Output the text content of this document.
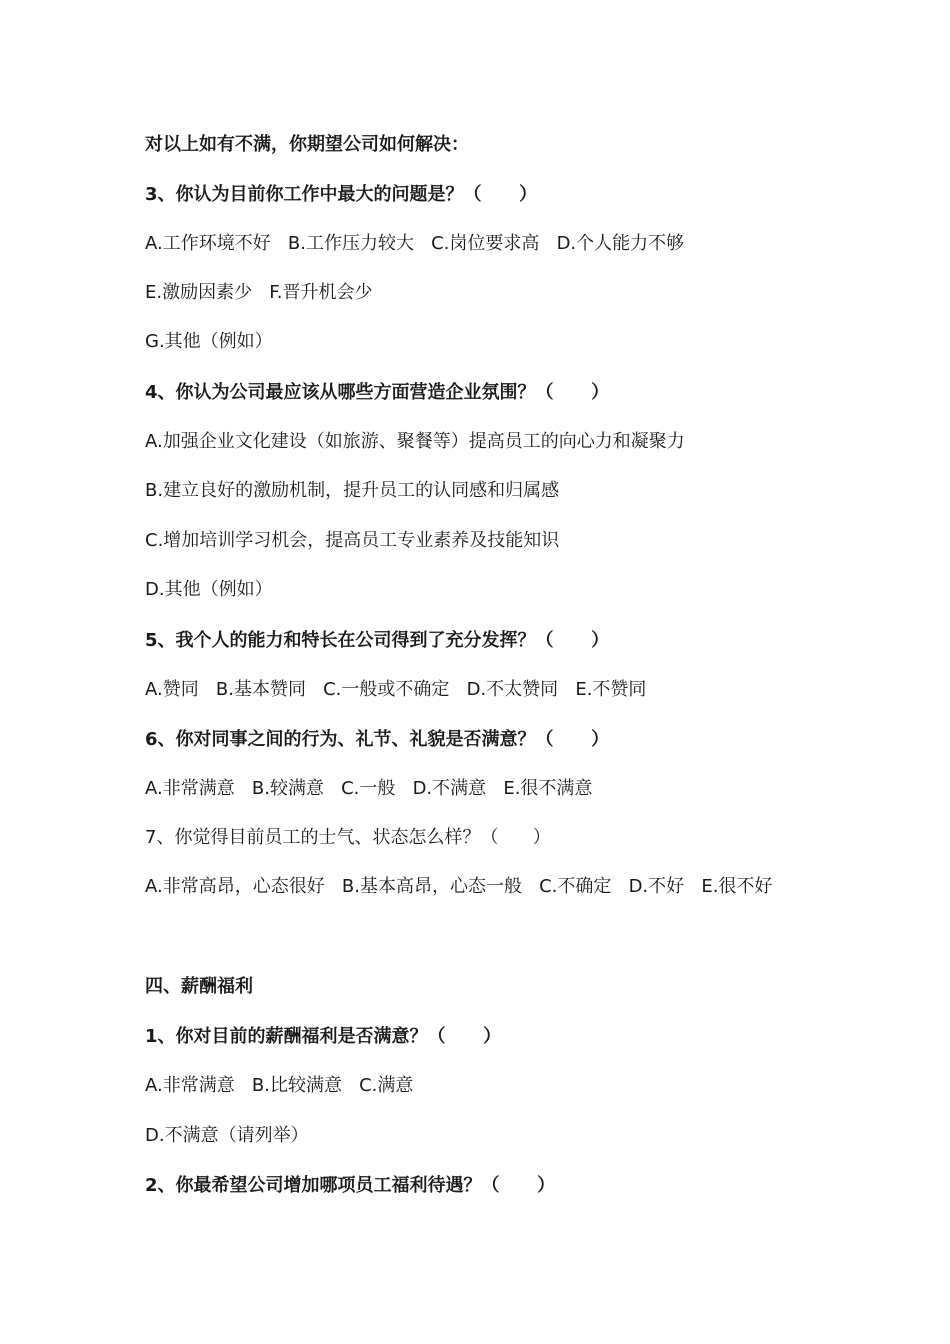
对以上如有不满，你期望公司如何解决：
3、你认为目前你工作中最大的问题是？（      ）
A.工作环境不好   B.工作压力较大   C.岗位要求高   D.个人能力不够
E.激励因素少   F.晋升机会少
G.其他（例如）
4、你认为公司最应该从哪些方面营造企业氛围？（      ）
A.加强企业文化建设（如旅游、聚餐等）提高员工的向心力和凝聚力
B.建立良好的激励机制，提升员工的认同感和归属感
C.增加培训学习机会，提高员工专业素养及技能知识
D.其他（例如）
5、我个人的能力和特长在公司得到了充分发挥？（      ）
A.赞同   B.基本赞同   C.一般或不确定   D.不太赞同   E.不赞同
6、你对同事之间的行为、礼节、礼貌是否满意？（      ）
A.非常满意   B.较满意   C.一般   D.不满意   E.很不满意
7、你觉得目前员工的士气、状态怎么样？（      ）
A.非常高昂，心态很好   B.基本高昂，心态一般   C.不确定   D.不好   E.很不好
四、薪酬福利
1、你对目前的薪酬福利是否满意？（      ）
A.非常满意   B.比较满意   C.满意
D.不满意（请列举）
2、你最希望公司增加哪项员工福利待遇？（      ）
